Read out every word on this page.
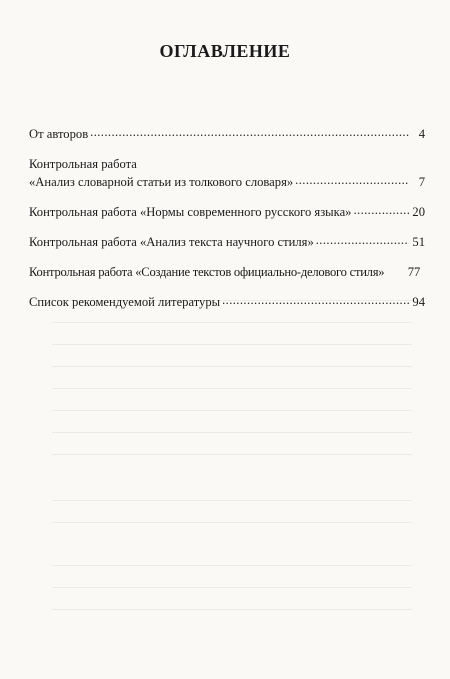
ОГЛАВЛЕНИЕ
От авторов .....	4
Контрольная работа
«Анализ словарной статьи из толкового словаря» .....	7
Контрольная работа «Нормы современного русского языка» .....	20
Контрольная работа «Анализ текста научного стиля» .....	51
Контрольная работа «Создание текстов официально-делового стиля» 77
Список рекомендуемой литературы .....	94
